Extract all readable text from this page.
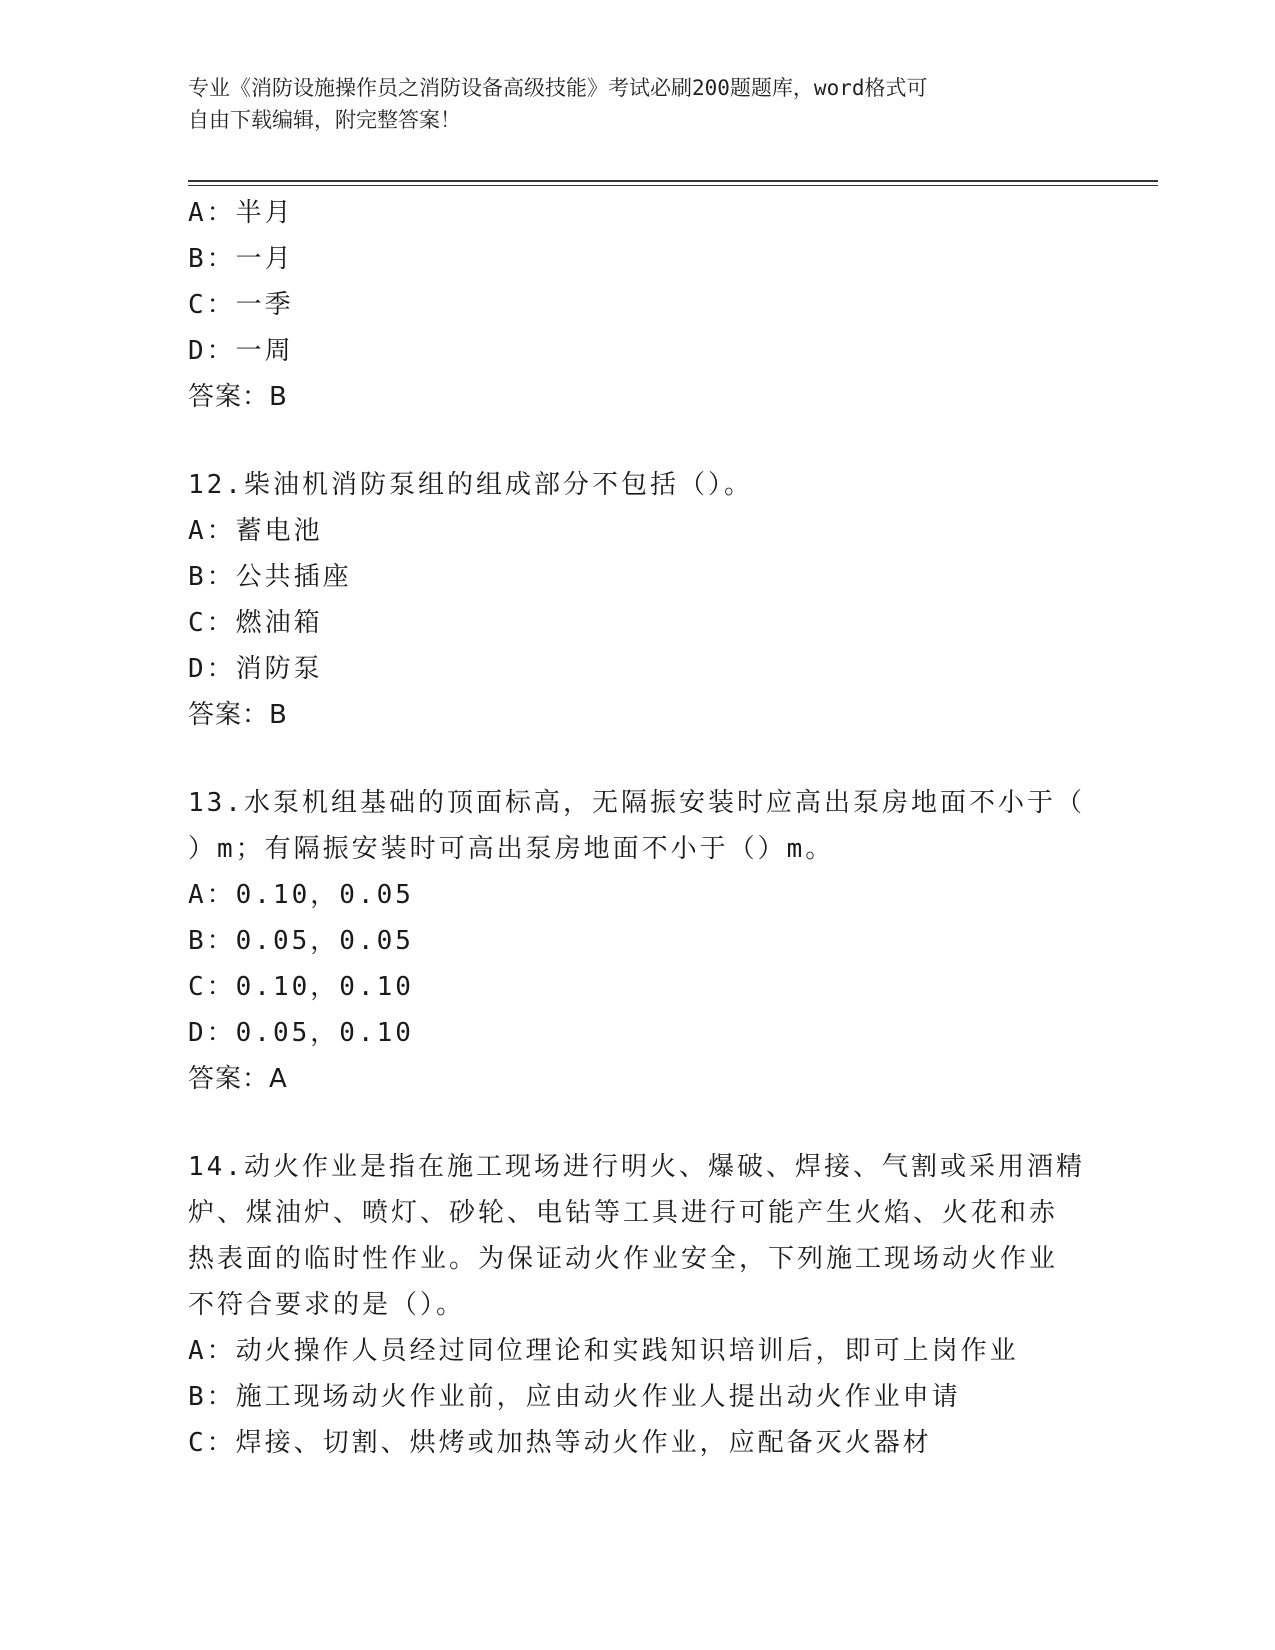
专业《消防设施操作员之消防设备高级技能》考试必刷200题题库，word格式可
自由下载编辑，附完整答案！
A：半月
B：一月
C：一季
D：一周
答案：B
12.柴油机消防泵组的组成部分不包括（）。
A：蓄电池
B：公共插座
C：燃油箱
D：消防泵
答案：B
13.水泵机组基础的顶面标高，无隔振安装时应高出泵房地面不小于（
）m；有隔振安装时可高出泵房地面不小于（）m。
A：0.10，0.05
B：0.05，0.05
C：0.10，0.10
D：0.05，0.10
答案：A
14.动火作业是指在施工现场进行明火、爆破、焊接、气割或采用酒精
炉、煤油炉、喷灯、砂轮、电钻等工具进行可能产生火焰、火花和赤
热表面的临时性作业。为保证动火作业安全，下列施工现场动火作业
不符合要求的是（）。
A：动火操作人员经过同位理论和实践知识培训后，即可上岗作业
B：施工现场动火作业前，应由动火作业人提出动火作业申请
C：焊接、切割、烘烤或加热等动火作业，应配备灭火器材
